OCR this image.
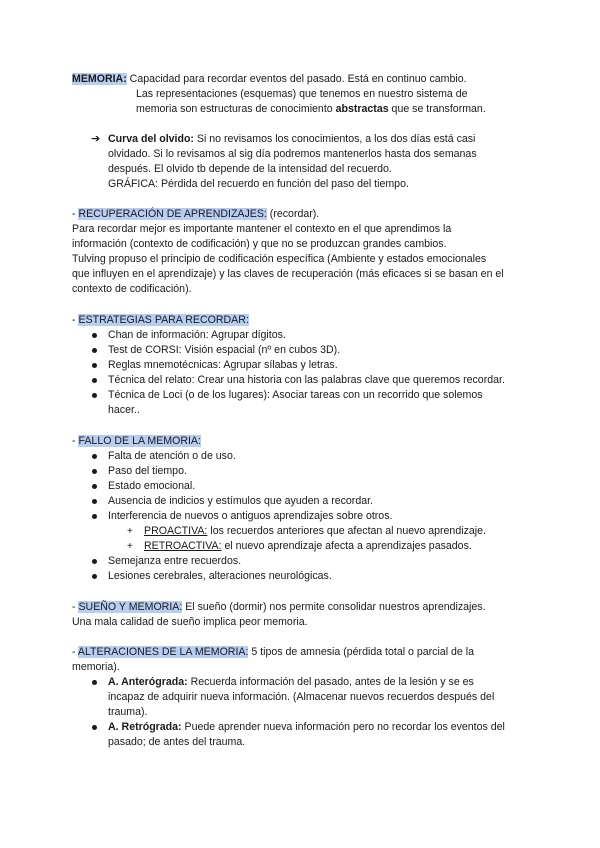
MEMORIA: Capacidad para recordar eventos del pasado. Está en continuo cambio.
Las representaciones (esquemas) que tenemos en nuestro sistema de
memoria son estructuras de conocimiento abstractas que se transforman.
➔ Curva del olvido: Si no revisamos los conocimientos, a los dos días está casi
olvidado. Si lo revisamos al sig día podremos mantenerlos hasta dos semanas
después. El olvido tb depende de la intensidad del recuerdo.
GRÁFICA: Pérdida del recuerdo en función del paso del tiempo.
- RECUPERACIÓN DE APRENDIZAJES: (recordar).
Para recordar mejor es importante mantener el contexto en el que aprendimos la
información (contexto de codificación) y que no se produzcan grandes cambios.
Tulving propuso el principio de codificación específica (Ambiente y estados emocionales
que influyen en el aprendizaje) y las claves de recuperación (más eficaces si se basan en el
contexto de codificación).
- ESTRATEGIAS PARA RECORDAR:
Chan de información: Agrupar dígitos.
Test de CORSI: Visión espacial (nº en cubos 3D).
Reglas mnemotécnicas: Agrupar sílabas y letras.
Técnica del relato: Crear una historia con las palabras clave que queremos recordar.
Técnica de Loci (o de los lugares): Asociar tareas con un recorrido que solemos
hacer..
- FALLO DE LA MEMORIA:
Falta de atención o de uso.
Paso del tiempo.
Estado emocional.
Ausencia de indicios y estímulos que ayuden a recordar.
Interferencia de nuevos o antiguos aprendizajes sobre otros.
+ PROACTIVA: los recuerdos anteriores que afectan al nuevo aprendizaje.
+ RETROACTIVA: el nuevo aprendizaje afecta a aprendizajes pasados.
Semejanza entre recuerdos.
Lesiones cerebrales, alteraciones neurológicas.
- SUEÑO Y MEMORIA: El sueño (dormir) nos permite consolidar nuestros aprendizajes.
Una mala calidad de sueño implica peor memoria.
- ALTERACIONES DE LA MEMORIA: 5 tipos de amnesia (pérdida total o parcial de la
memoria).
A. Anterógrada: Recuerda información del pasado, antes de la lesión y se es
incapaz de adquirir nueva información. (Almacenar nuevos recuerdos después del
trauma).
A. Retrógrada: Puede aprender nueva información pero no recordar los eventos del
pasado; de antes del trauma.
